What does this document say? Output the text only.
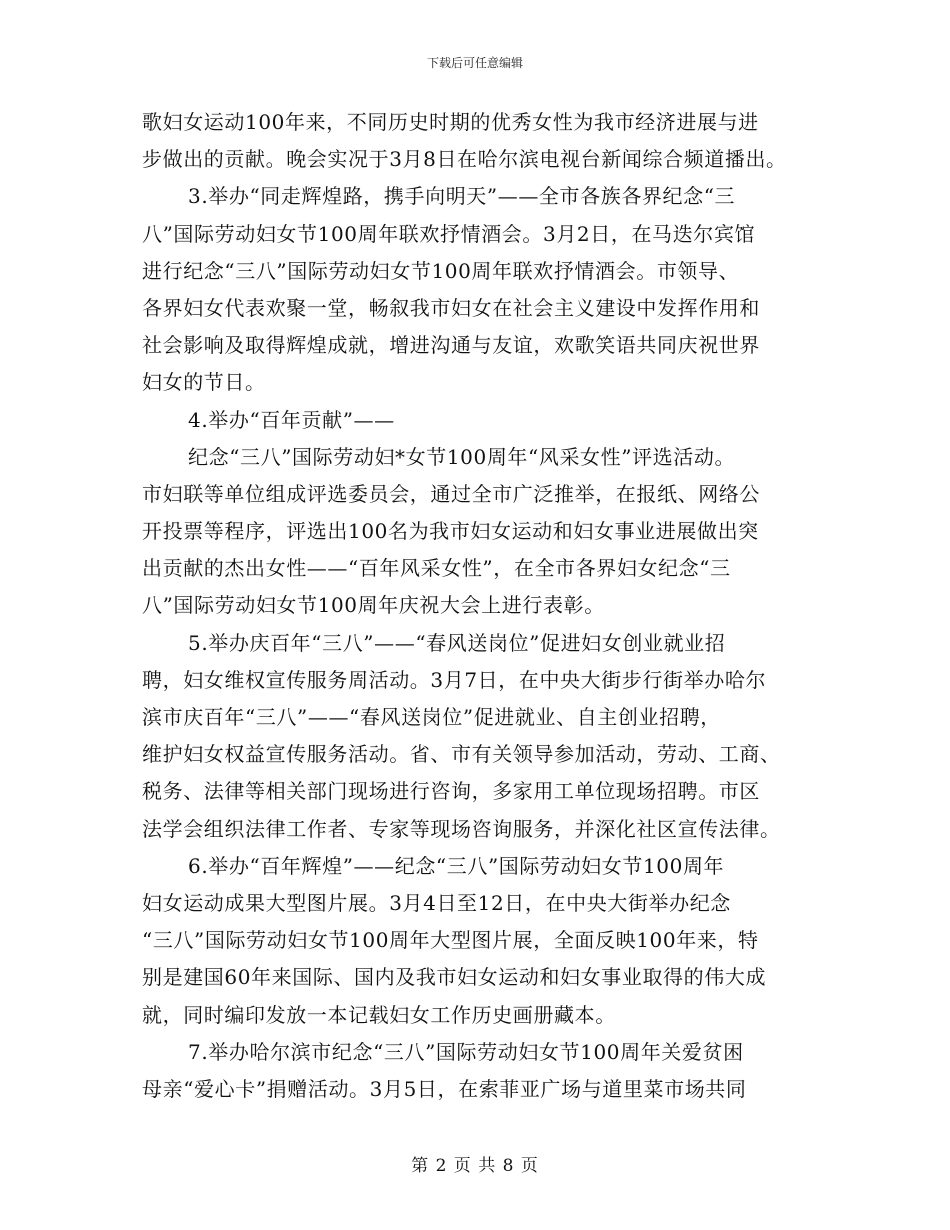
下载后可任意编辑
歌妇女运动100年来，不同历史时期的优秀女性为我市经济进展与进
步做出的贡献。晚会实况于3月8日在哈尔滨电视台新闻综合频道播出。
3.举办“同走辉煌路，携手向明天”——全市各族各界纪念“三
八”国际劳动妇女节100周年联欢抒情酒会。3月2日，在马迭尔宾馆
进行纪念“三八”国际劳动妇女节100周年联欢抒情酒会。市领导、
各界妇女代表欢聚一堂，畅叙我市妇女在社会主义建设中发挥作用和
社会影响及取得辉煌成就，增进沟通与友谊，欢歌笑语共同庆祝世界
妇女的节日。
4.举办“百年贡献”——
纪念“三八”国际劳动妇*女节100周年“风采女性”评选活动。
市妇联等单位组成评选委员会，通过全市广泛推举，在报纸、网络公
开投票等程序，评选出100名为我市妇女运动和妇女事业进展做出突
出贡献的杰出女性——“百年风采女性”，在全市各界妇女纪念“三
八”国际劳动妇女节100周年庆祝大会上进行表彰。
5.举办庆百年“三八”——“春风送岗位”促进妇女创业就业招
聘，妇女维权宣传服务周活动。3月7日，在中央大街步行街举办哈尔
滨市庆百年“三八”——“春风送岗位”促进就业、自主创业招聘，
维护妇女权益宣传服务活动。省、市有关领导参加活动，劳动、工商、
税务、法律等相关部门现场进行咨询，多家用工单位现场招聘。市区
法学会组织法律工作者、专家等现场咨询服务，并深化社区宣传法律。
6.举办“百年辉煌”——纪念“三八”国际劳动妇女节100周年
妇女运动成果大型图片展。3月4日至12日，在中央大街举办纪念
“三八”国际劳动妇女节100周年大型图片展，全面反映100年来，特
别是建国60年来国际、国内及我市妇女运动和妇女事业取得的伟大成
就，同时编印发放一本记载妇女工作历史画册藏本。
7.举办哈尔滨市纪念“三八”国际劳动妇女节100周年关爱贫困
母亲“爱心卡”捐赠活动。3月5日，在索菲亚广场与道里菜市场共同
第 2 页 共 8 页
